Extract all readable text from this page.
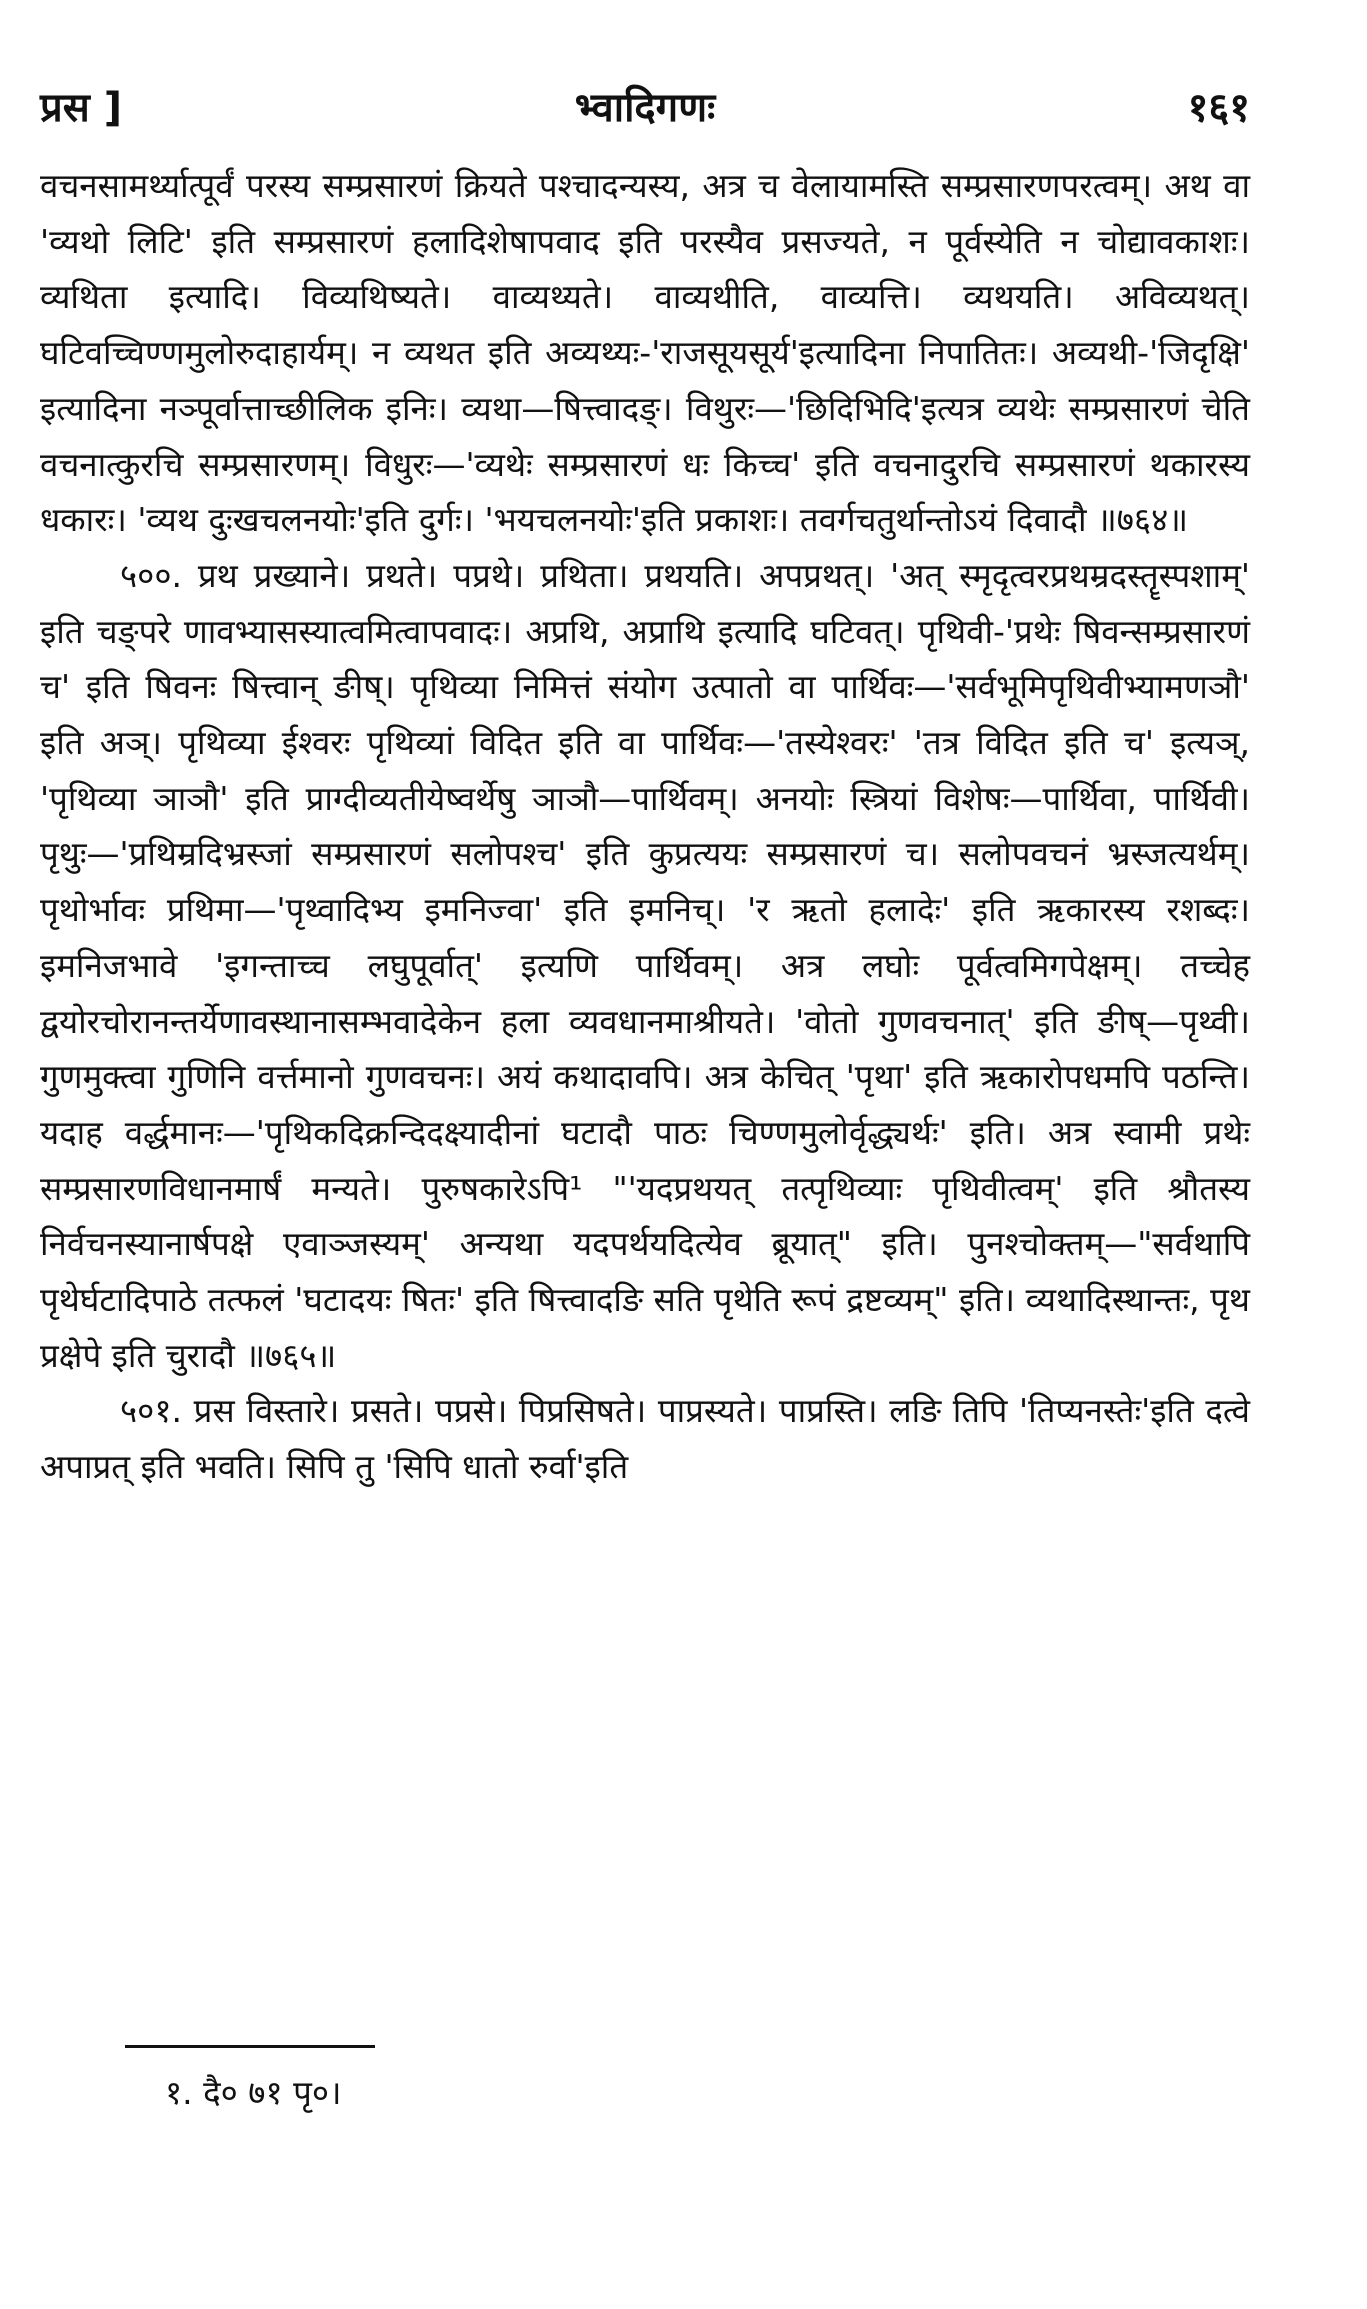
प्रस ]	भ्वादिगणः	१६१

वचनसामर्थ्यात्पूर्वं परस्य सम्प्रसारणं क्रियते पश्चादन्यस्य, अत्र च वेलायामस्ति सम्प्रसारणपरत्वम्। अथ वा 'व्यथो लिटि' इति सम्प्रसारणं हलादिशेषापवाद इति परस्यैव प्रसज्यते, न पूर्वस्येति न चोद्यावकाशः। व्यथिता इत्यादि। विव्यथिष्यते। वाव्यथ्यते। वाव्यथीति, वाव्यत्ति। व्यथयति। अविव्यथत्। घटिवच्चिण्णमुलोरुदाहार्यम्। न व्यथत इति अव्यथ्यः-'राजसूयसूर्य'इत्यादिना निपातितः। अव्यथी-'जिदृक्षि' इत्यादिना नञ्पूर्वात्ताच्छीलिक इनिः। व्यथा—षित्त्वादङ्। विथुरः—'छिदिभिदि'इत्यत्र व्यथेः सम्प्रसारणं चेति वचनात्कुरचि सम्प्रसारणम्। विधुरः—'व्यथेः सम्प्रसारणं धः किच्च' इति वचनादुरचि सम्प्रसारणं थकारस्य धकारः। 'व्यथ दुःखचलनयोः'इति दुर्गः। 'भयचलनयोः'इति प्रकाशः। तवर्गचतुर्थान्तोऽयं दिवादौ ॥७६४॥

५००. प्रथ प्रख्याने। प्रथते। पप्रथे। प्रथिता। प्रथयति। अपप्रथत्। 'अत् स्मृदृत्वरप्रथम्रदस्तॄस्पशाम्' इति चङ्परे णावभ्यासस्यात्वमित्वापवादः। अप्रथि, अप्राथि इत्यादि घटिवत्। पृथिवी-'प्रथेः षिवन्सम्प्रसारणं च' इति षिवनः षित्त्वान् ङीष्। पृथिव्या निमित्तं संयोग उत्पातो वा पार्थिवः—'सर्वभूमिपृथिवीभ्यामणञौ' इति अञ्। पृथिव्या ईश्वरः पृथिव्यां विदित इति वा पार्थिवः—'तस्येश्वरः' 'तत्र विदित इति च' इत्यञ्, 'पृथिव्या ञाञौ' इति प्राग्दीव्यतीयेष्वर्थेषु ञाञौ—पार्थिवम्। अनयोः स्त्रियां विशेषः—पार्थिवा, पार्थिवी। पृथुः—'प्रथिम्रदिभ्रस्जां सम्प्रसारणं सलोपश्च' इति कुप्रत्ययः सम्प्रसारणं च। सलोपवचनं भ्रस्जत्यर्थम्। पृथोर्भावः प्रथिमा—'पृथ्वादिभ्य इमनिज्वा' इति इमनिच्। 'र ऋतो हलादेः' इति ऋकारस्य रशब्दः। इमनिजभावे 'इगन्ताच्च लघुपूर्वात्' इत्यणि पार्थिवम्। अत्र लघोः पूर्वत्वमिगपेक्षम्। तच्चेह द्वयोरचोरानन्तर्येणावस्थानासम्भवादेकेन हला व्यवधानमाश्रीयते। 'वोतो गुणवचनात्' इति ङीष्—पृथ्वी। गुणमुक्त्वा गुणिनि वर्त्तमानो गुणवचनः। अयं कथादावपि। अत्र केचित् 'पृथा' इति ऋकारोपधमपि पठन्ति। यदाह वर्द्धमानः—'पृथिकदिक्रन्दिदक्ष्यादीनां घटादौ पाठः चिण्णमुलोर्वृद्ध्यर्थः' इति। अत्र स्वामी प्रथेः सम्प्रसारणविधानमार्षं मन्यते। पुरुषकारेऽपि¹ "'यदप्रथयत् तत्पृथिव्याः पृथिवीत्वम्' इति श्रौतस्य निर्वचनस्यानार्षपक्षे एवाञ्जस्यम्' अन्यथा यदपर्थयदित्येव ब्रूयात्" इति। पुनश्चोक्तम्—"सर्वथापि पृथेर्घटादिपाठे तत्फलं 'घटादयः षितः' इति षित्त्वादङि सति पृथेति रूपं द्रष्टव्यम्" इति। व्यथादिस्थान्तः, पृथ प्रक्षेपे इति चुरादौ ॥७६५॥

५०१. प्रस विस्तारे। प्रसते। पप्रसे। पिप्रसिषते। पाप्रस्यते। पाप्रस्ति। लङि तिपि 'तिप्यनस्तेः'इति दत्वे अपाप्रत् इति भवति। सिपि तु 'सिपि धातो रुर्वा'इति

१. दै० ७१ पृ०।
